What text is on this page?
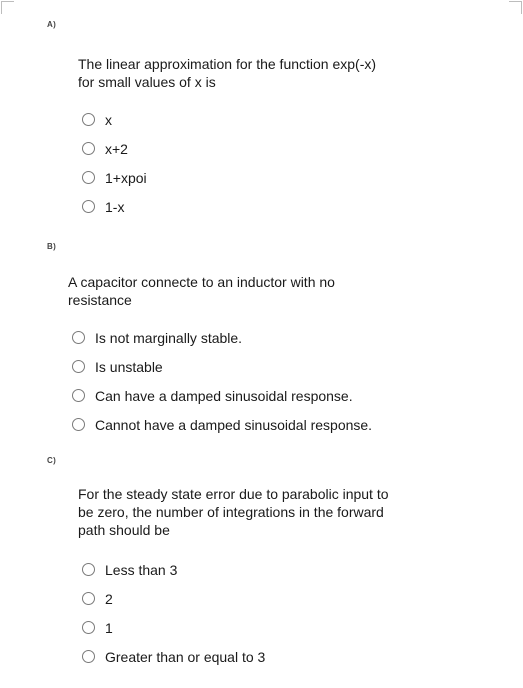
A)
The linear approximation for the function exp(-x)
for small values of x is
x
x+2
1+xpoi
1-x
B)
A capacitor connecte to an inductor with no
resistance
Is not marginally stable.
Is unstable
Can have a damped sinusoidal response.
Cannot have a damped sinusoidal response.
C)
For the steady state error due to parabolic input to
be zero, the number of integrations in the forward
path should be
Less than 3
2
1
Greater than or equal to 3
